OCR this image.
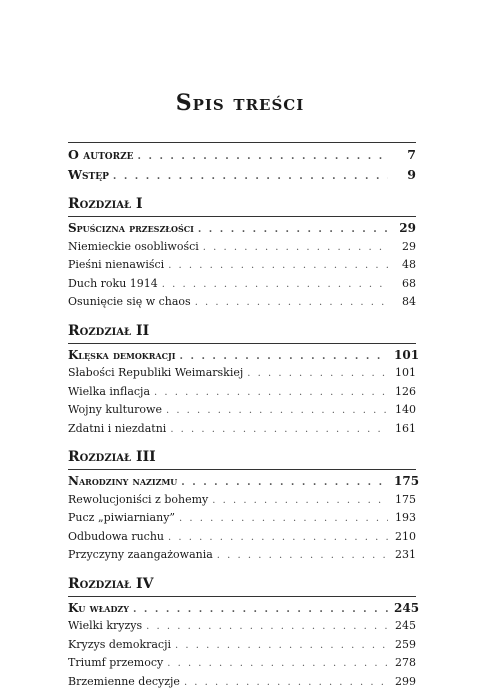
Spis treści
O autorze . . .	7
Wstęp . . .	9
Rozdział I
Spuścizna przeszłości . . .	29
Niemieckie osobliwości . . .	29
Pieśni nienawiści . . .	48
Duch roku 1914 . . .	68
Osunięcie się w chaos . . .	84
Rozdział II
Klęska demokracji . . .	101
Słabości Republiki Weimarskiej . . .	101
Wielka inflacja . . .	126
Wojny kulturowe . . .	140
Zdatni i niezdatni . . .	161
Rozdział III
Narodziny nazizmu . . .	175
Rewolucjoniści z bohemy . . .	175
Pucz „piwiarniany” . . .	193
Odbudowa ruchu . . .	210
Przyczyny zaangażowania . . .	231
Rozdział IV
Ku władzy . . .	245
Wielki kryzys . . .	245
Kryzys demokracji . . .	259
Triumf przemocy . . .	278
Brzemienne decyzje . . .	299
